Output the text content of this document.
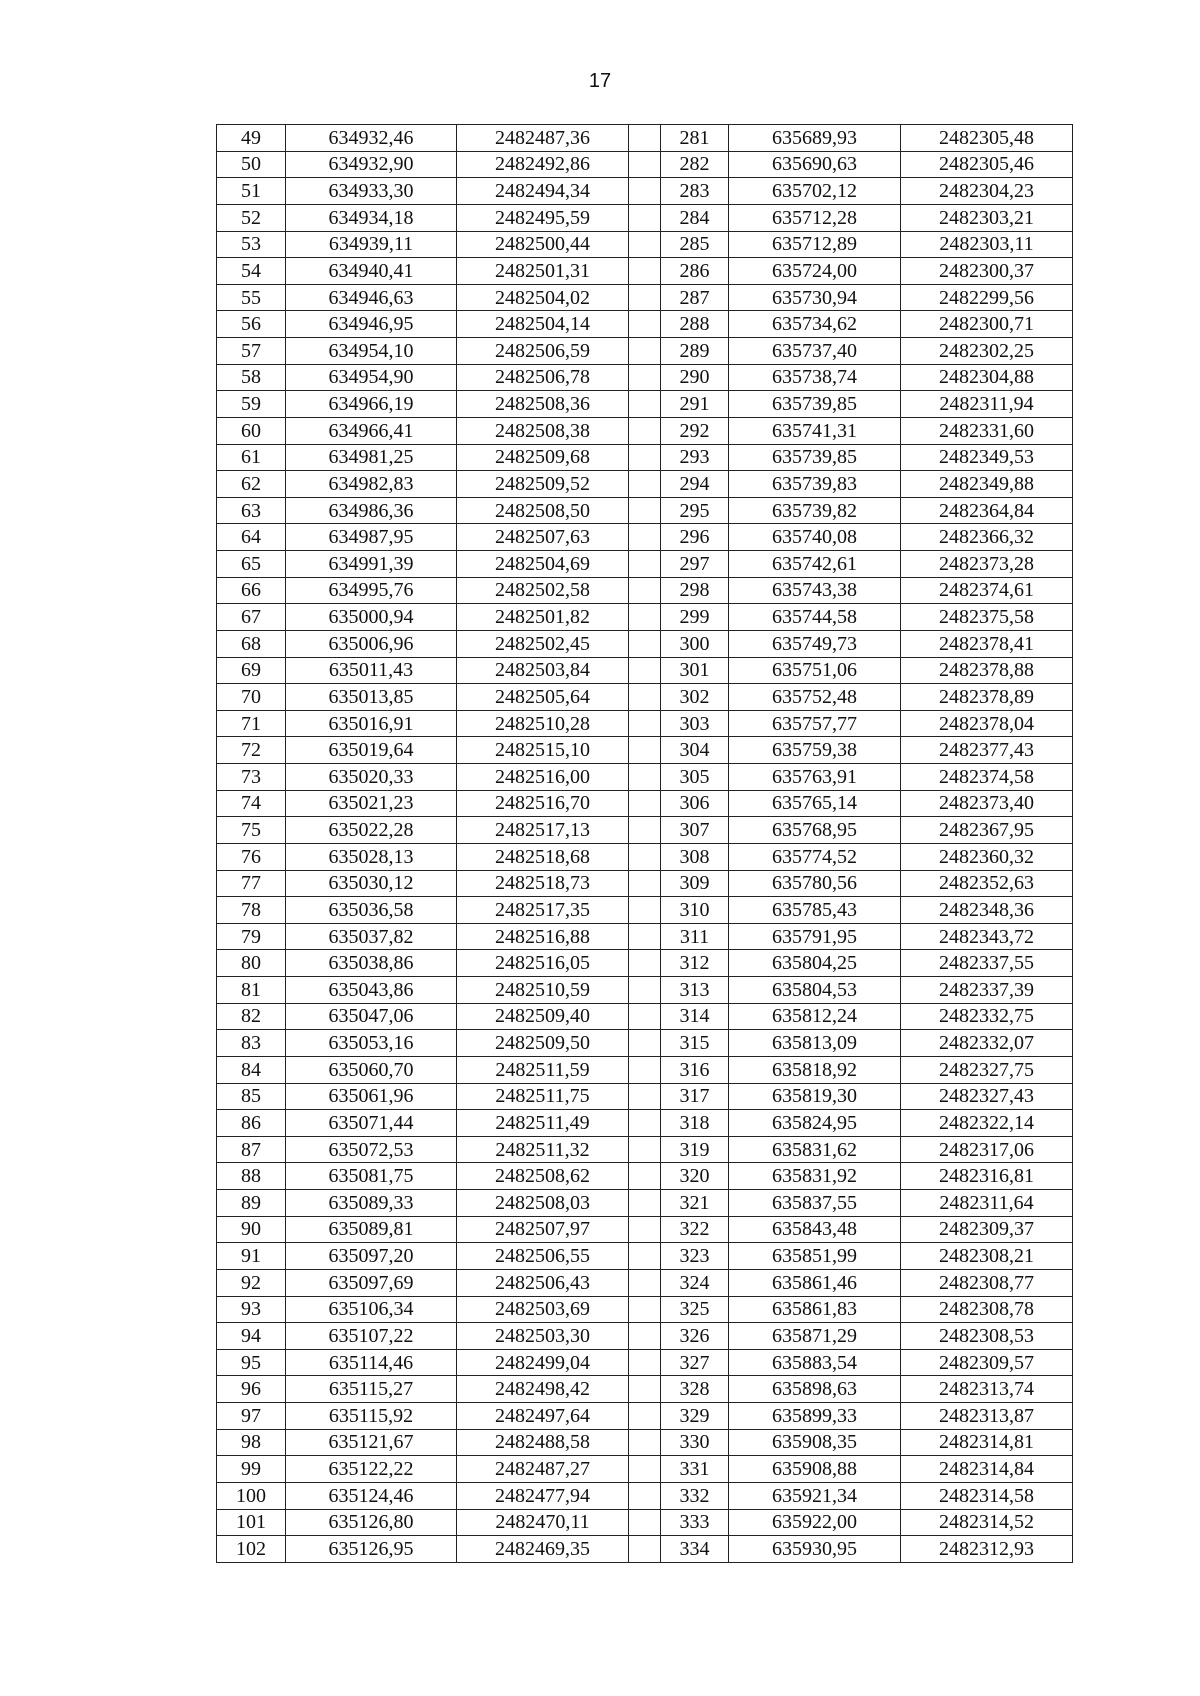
17
49	634932,46	2482487,36		281	635689,93	2482305,48
50	634932,90	2482492,86		282	635690,63	2482305,46
51	634933,30	2482494,34		283	635702,12	2482304,23
52	634934,18	2482495,59		284	635712,28	2482303,21
53	634939,11	2482500,44		285	635712,89	2482303,11
54	634940,41	2482501,31		286	635724,00	2482300,37
55	634946,63	2482504,02		287	635730,94	2482299,56
56	634946,95	2482504,14		288	635734,62	2482300,71
57	634954,10	2482506,59		289	635737,40	2482302,25
58	634954,90	2482506,78		290	635738,74	2482304,88
59	634966,19	2482508,36		291	635739,85	2482311,94
60	634966,41	2482508,38		292	635741,31	2482331,60
61	634981,25	2482509,68		293	635739,85	2482349,53
62	634982,83	2482509,52		294	635739,83	2482349,88
63	634986,36	2482508,50		295	635739,82	2482364,84
64	634987,95	2482507,63		296	635740,08	2482366,32
65	634991,39	2482504,69		297	635742,61	2482373,28
66	634995,76	2482502,58		298	635743,38	2482374,61
67	635000,94	2482501,82		299	635744,58	2482375,58
68	635006,96	2482502,45		300	635749,73	2482378,41
69	635011,43	2482503,84		301	635751,06	2482378,88
70	635013,85	2482505,64		302	635752,48	2482378,89
71	635016,91	2482510,28		303	635757,77	2482378,04
72	635019,64	2482515,10		304	635759,38	2482377,43
73	635020,33	2482516,00		305	635763,91	2482374,58
74	635021,23	2482516,70		306	635765,14	2482373,40
75	635022,28	2482517,13		307	635768,95	2482367,95
76	635028,13	2482518,68		308	635774,52	2482360,32
77	635030,12	2482518,73		309	635780,56	2482352,63
78	635036,58	2482517,35		310	635785,43	2482348,36
79	635037,82	2482516,88		311	635791,95	2482343,72
80	635038,86	2482516,05		312	635804,25	2482337,55
81	635043,86	2482510,59		313	635804,53	2482337,39
82	635047,06	2482509,40		314	635812,24	2482332,75
83	635053,16	2482509,50		315	635813,09	2482332,07
84	635060,70	2482511,59		316	635818,92	2482327,75
85	635061,96	2482511,75		317	635819,30	2482327,43
86	635071,44	2482511,49		318	635824,95	2482322,14
87	635072,53	2482511,32		319	635831,62	2482317,06
88	635081,75	2482508,62		320	635831,92	2482316,81
89	635089,33	2482508,03		321	635837,55	2482311,64
90	635089,81	2482507,97		322	635843,48	2482309,37
91	635097,20	2482506,55		323	635851,99	2482308,21
92	635097,69	2482506,43		324	635861,46	2482308,77
93	635106,34	2482503,69		325	635861,83	2482308,78
94	635107,22	2482503,30		326	635871,29	2482308,53
95	635114,46	2482499,04		327	635883,54	2482309,57
96	635115,27	2482498,42		328	635898,63	2482313,74
97	635115,92	2482497,64		329	635899,33	2482313,87
98	635121,67	2482488,58		330	635908,35	2482314,81
99	635122,22	2482487,27		331	635908,88	2482314,84
100	635124,46	2482477,94		332	635921,34	2482314,58
101	635126,80	2482470,11		333	635922,00	2482314,52
102	635126,95	2482469,35		334	635930,95	2482312,93
